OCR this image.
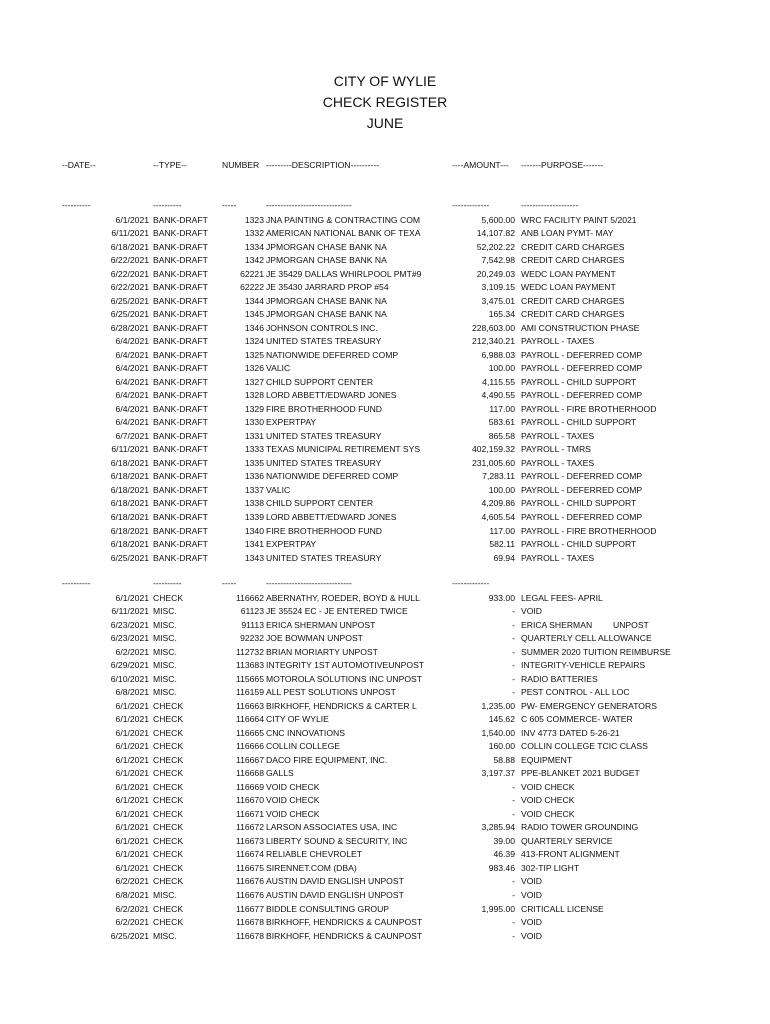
CITY OF WYLIE
CHECK REGISTER
JUNE
--DATE--	--TYPE--	NUMBER ---------DESCRIPTION----------	----AMOUNT--- -------PURPOSE-------
----------	----------	-----	------------------------------	-------------	--------------------
6/1/2021 BANK-DRAFT	1323 JNA PAINTING & CONTRACTING COM	5,600.00 WRC FACILITY PAINT 5/2021
6/11/2021 BANK-DRAFT	1332 AMERICAN NATIONAL BANK OF TEXA	14,107.82 ANB LOAN PYMT- MAY
6/18/2021 BANK-DRAFT	1334 JPMORGAN CHASE BANK NA	52,202.22 CREDIT CARD CHARGES
6/22/2021 BANK-DRAFT	1342 JPMORGAN CHASE BANK NA	7,542.98 CREDIT CARD CHARGES
6/22/2021 BANK-DRAFT	62221 JE 35429 DALLAS WHIRLPOOL PMT#9	20,249.03 WEDC LOAN PAYMENT
6/22/2021 BANK-DRAFT	62222 JE 35430 JARRARD PROP #54	3,109.15 WEDC LOAN PAYMENT
6/25/2021 BANK-DRAFT	1344 JPMORGAN CHASE BANK NA	3,475.01 CREDIT CARD CHARGES
6/25/2021 BANK-DRAFT	1345 JPMORGAN CHASE BANK NA	165.34 CREDIT CARD CHARGES
6/28/2021 BANK-DRAFT	1346 JOHNSON CONTROLS INC.	228,603.00 AMI CONSTRUCTION PHASE
6/4/2021 BANK-DRAFT	1324 UNITED STATES TREASURY	212,340.21 PAYROLL - TAXES
6/4/2021 BANK-DRAFT	1325 NATIONWIDE DEFERRED COMP	6,988.03 PAYROLL - DEFERRED COMP
6/4/2021 BANK-DRAFT	1326 VALIC	100.00 PAYROLL - DEFERRED COMP
6/4/2021 BANK-DRAFT	1327 CHILD SUPPORT CENTER	4,115.55 PAYROLL - CHILD SUPPORT
6/4/2021 BANK-DRAFT	1328 LORD ABBETT/EDWARD JONES	4,490.55 PAYROLL - DEFERRED COMP
6/4/2021 BANK-DRAFT	1329 FIRE BROTHERHOOD FUND	117.00 PAYROLL - FIRE BROTHERHOOD
6/4/2021 BANK-DRAFT	1330 EXPERTPAY	583.61 PAYROLL - CHILD SUPPORT
6/7/2021 BANK-DRAFT	1331 UNITED STATES TREASURY	865.58 PAYROLL - TAXES
6/11/2021 BANK-DRAFT	1333 TEXAS MUNICIPAL RETIREMENT SYS	402,159.32 PAYROLL - TMRS
6/18/2021 BANK-DRAFT	1335 UNITED STATES TREASURY	231,005.60 PAYROLL - TAXES
6/18/2021 BANK-DRAFT	1336 NATIONWIDE DEFERRED COMP	7,283.11 PAYROLL - DEFERRED COMP
6/18/2021 BANK-DRAFT	1337 VALIC	100.00 PAYROLL - DEFERRED COMP
6/18/2021 BANK-DRAFT	1338 CHILD SUPPORT CENTER	4,209.86 PAYROLL - CHILD SUPPORT
6/18/2021 BANK-DRAFT	1339 LORD ABBETT/EDWARD JONES	4,605.54 PAYROLL - DEFERRED COMP
6/18/2021 BANK-DRAFT	1340 FIRE BROTHERHOOD FUND	117.00 PAYROLL - FIRE BROTHERHOOD
6/18/2021 BANK-DRAFT	1341 EXPERTPAY	582.11 PAYROLL - CHILD SUPPORT
6/25/2021 BANK-DRAFT	1343 UNITED STATES TREASURY	69.94 PAYROLL - TAXES
----------	----------	-----	------------------------------	-------------
6/1/2021 CHECK	116662 ABERNATHY, ROEDER, BOYD & HULL	933.00 LEGAL FEES- APRIL
6/11/2021 MISC.	61123 JE 35524 EC - JE ENTERED TWICE	- VOID
6/23/2021 MISC.	91113 ERICA SHERMAN UNPOST	- ERICA SHERMAN UNPOST
6/23/2021 MISC.	92232 JOE BOWMAN UNPOST	- QUARTERLY CELL ALLOWANCE
6/2/2021 MISC.	112732 BRIAN MORIARTY UNPOST	- SUMMER 2020 TUITION REIMBURSE
6/29/2021 MISC.	113683 INTEGRITY 1ST AUTOMOTIVEUNPOST	- INTEGRITY-VEHICLE REPAIRS
6/10/2021 MISC.	115665 MOTOROLA SOLUTIONS INC UNPOST	- RADIO BATTERIES
6/8/2021 MISC.	116159 ALL PEST SOLUTIONS UNPOST	- PEST CONTROL - ALL LOC
6/1/2021 CHECK	116663 BIRKHOFF, HENDRICKS & CARTER L	1,235.00 PW- EMERGENCY GENERATORS
6/1/2021 CHECK	116664 CITY OF WYLIE	145.62 C 605 COMMERCE- WATER
6/1/2021 CHECK	116665 CNC INNOVATIONS	1,540.00 INV 4773 DATED 5-26-21
6/1/2021 CHECK	116666 COLLIN COLLEGE	160.00 COLLIN COLLEGE TCIC CLASS
6/1/2021 CHECK	116667 DACO FIRE EQUIPMENT, INC.	58.88 EQUIPMENT
6/1/2021 CHECK	116668 GALLS	3,197.37 PPE-BLANKET 2021 BUDGET
6/1/2021 CHECK	116669 VOID CHECK	- VOID CHECK
6/1/2021 CHECK	116670 VOID CHECK	- VOID CHECK
6/1/2021 CHECK	116671 VOID CHECK	- VOID CHECK
6/1/2021 CHECK	116672 LARSON ASSOCIATES USA, INC	3,285.94 RADIO TOWER GROUNDING
6/1/2021 CHECK	116673 LIBERTY SOUND & SECURITY, INC	39.00 QUARTERLY SERVICE
6/1/2021 CHECK	116674 RELIABLE CHEVROLET	46.39 413-FRONT ALIGNMENT
6/1/2021 CHECK	116675 SIRENNET.COM (DBA)	983.46 302-TIP LIGHT
6/2/2021 CHECK	116676 AUSTIN DAVID ENGLISH UNPOST	- VOID
6/8/2021 MISC.	116676 AUSTIN DAVID ENGLISH UNPOST	- VOID
6/2/2021 CHECK	116677 BIDDLE CONSULTING GROUP	1,995.00 CRITICALL LICENSE
6/2/2021 CHECK	116678 BIRKHOFF, HENDRICKS & CAUNPOST	- VOID
6/25/2021 MISC.	116678 BIRKHOFF, HENDRICKS & CAUNPOST	- VOID
